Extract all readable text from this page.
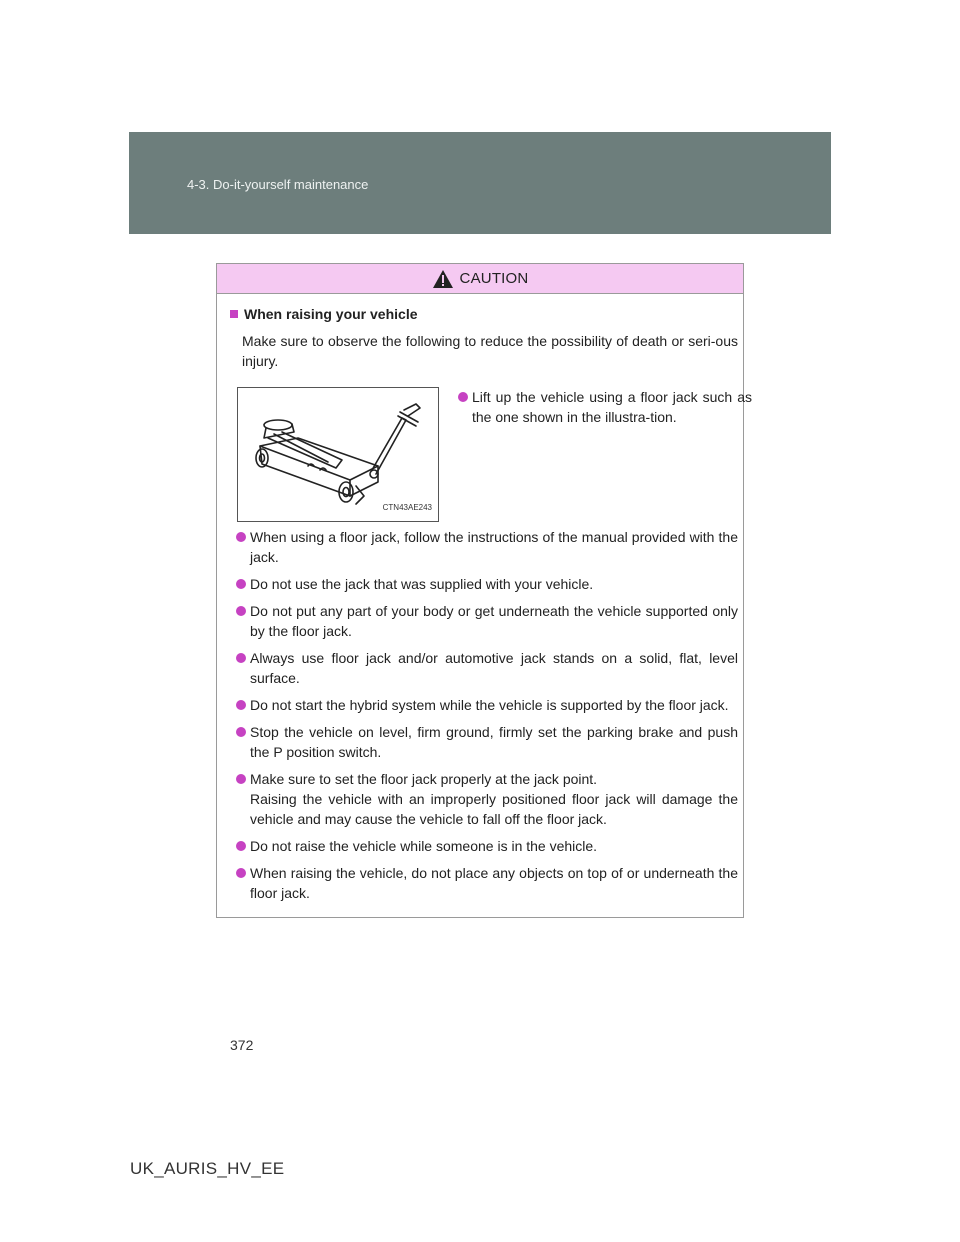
4-3. Do-it-yourself maintenance
CAUTION
When raising your vehicle
Make sure to observe the following to reduce the possibility of death or seri-ous injury.
CTN43AE243
Lift up the vehicle using a floor jack such as the one shown in the illustra-tion.
When using a floor jack, follow the instructions of the manual provided with the jack.
Do not use the jack that was supplied with your vehicle.
Do not put any part of your body or get underneath the vehicle supported only by the floor jack.
Always use floor jack and/or automotive jack stands on a solid, flat, level surface.
Do not start the hybrid system while the vehicle is supported by the floor jack.
Stop the vehicle on level, firm ground, firmly set the parking brake and push the P position switch.
Make sure to set the floor jack properly at the jack point.
Raising the vehicle with an improperly positioned floor jack will damage the vehicle and may cause the vehicle to fall off the floor jack.
Do not raise the vehicle while someone is in the vehicle.
When raising the vehicle, do not place any objects on top of or underneath the floor jack.
372
UK_AURIS_HV_EE
